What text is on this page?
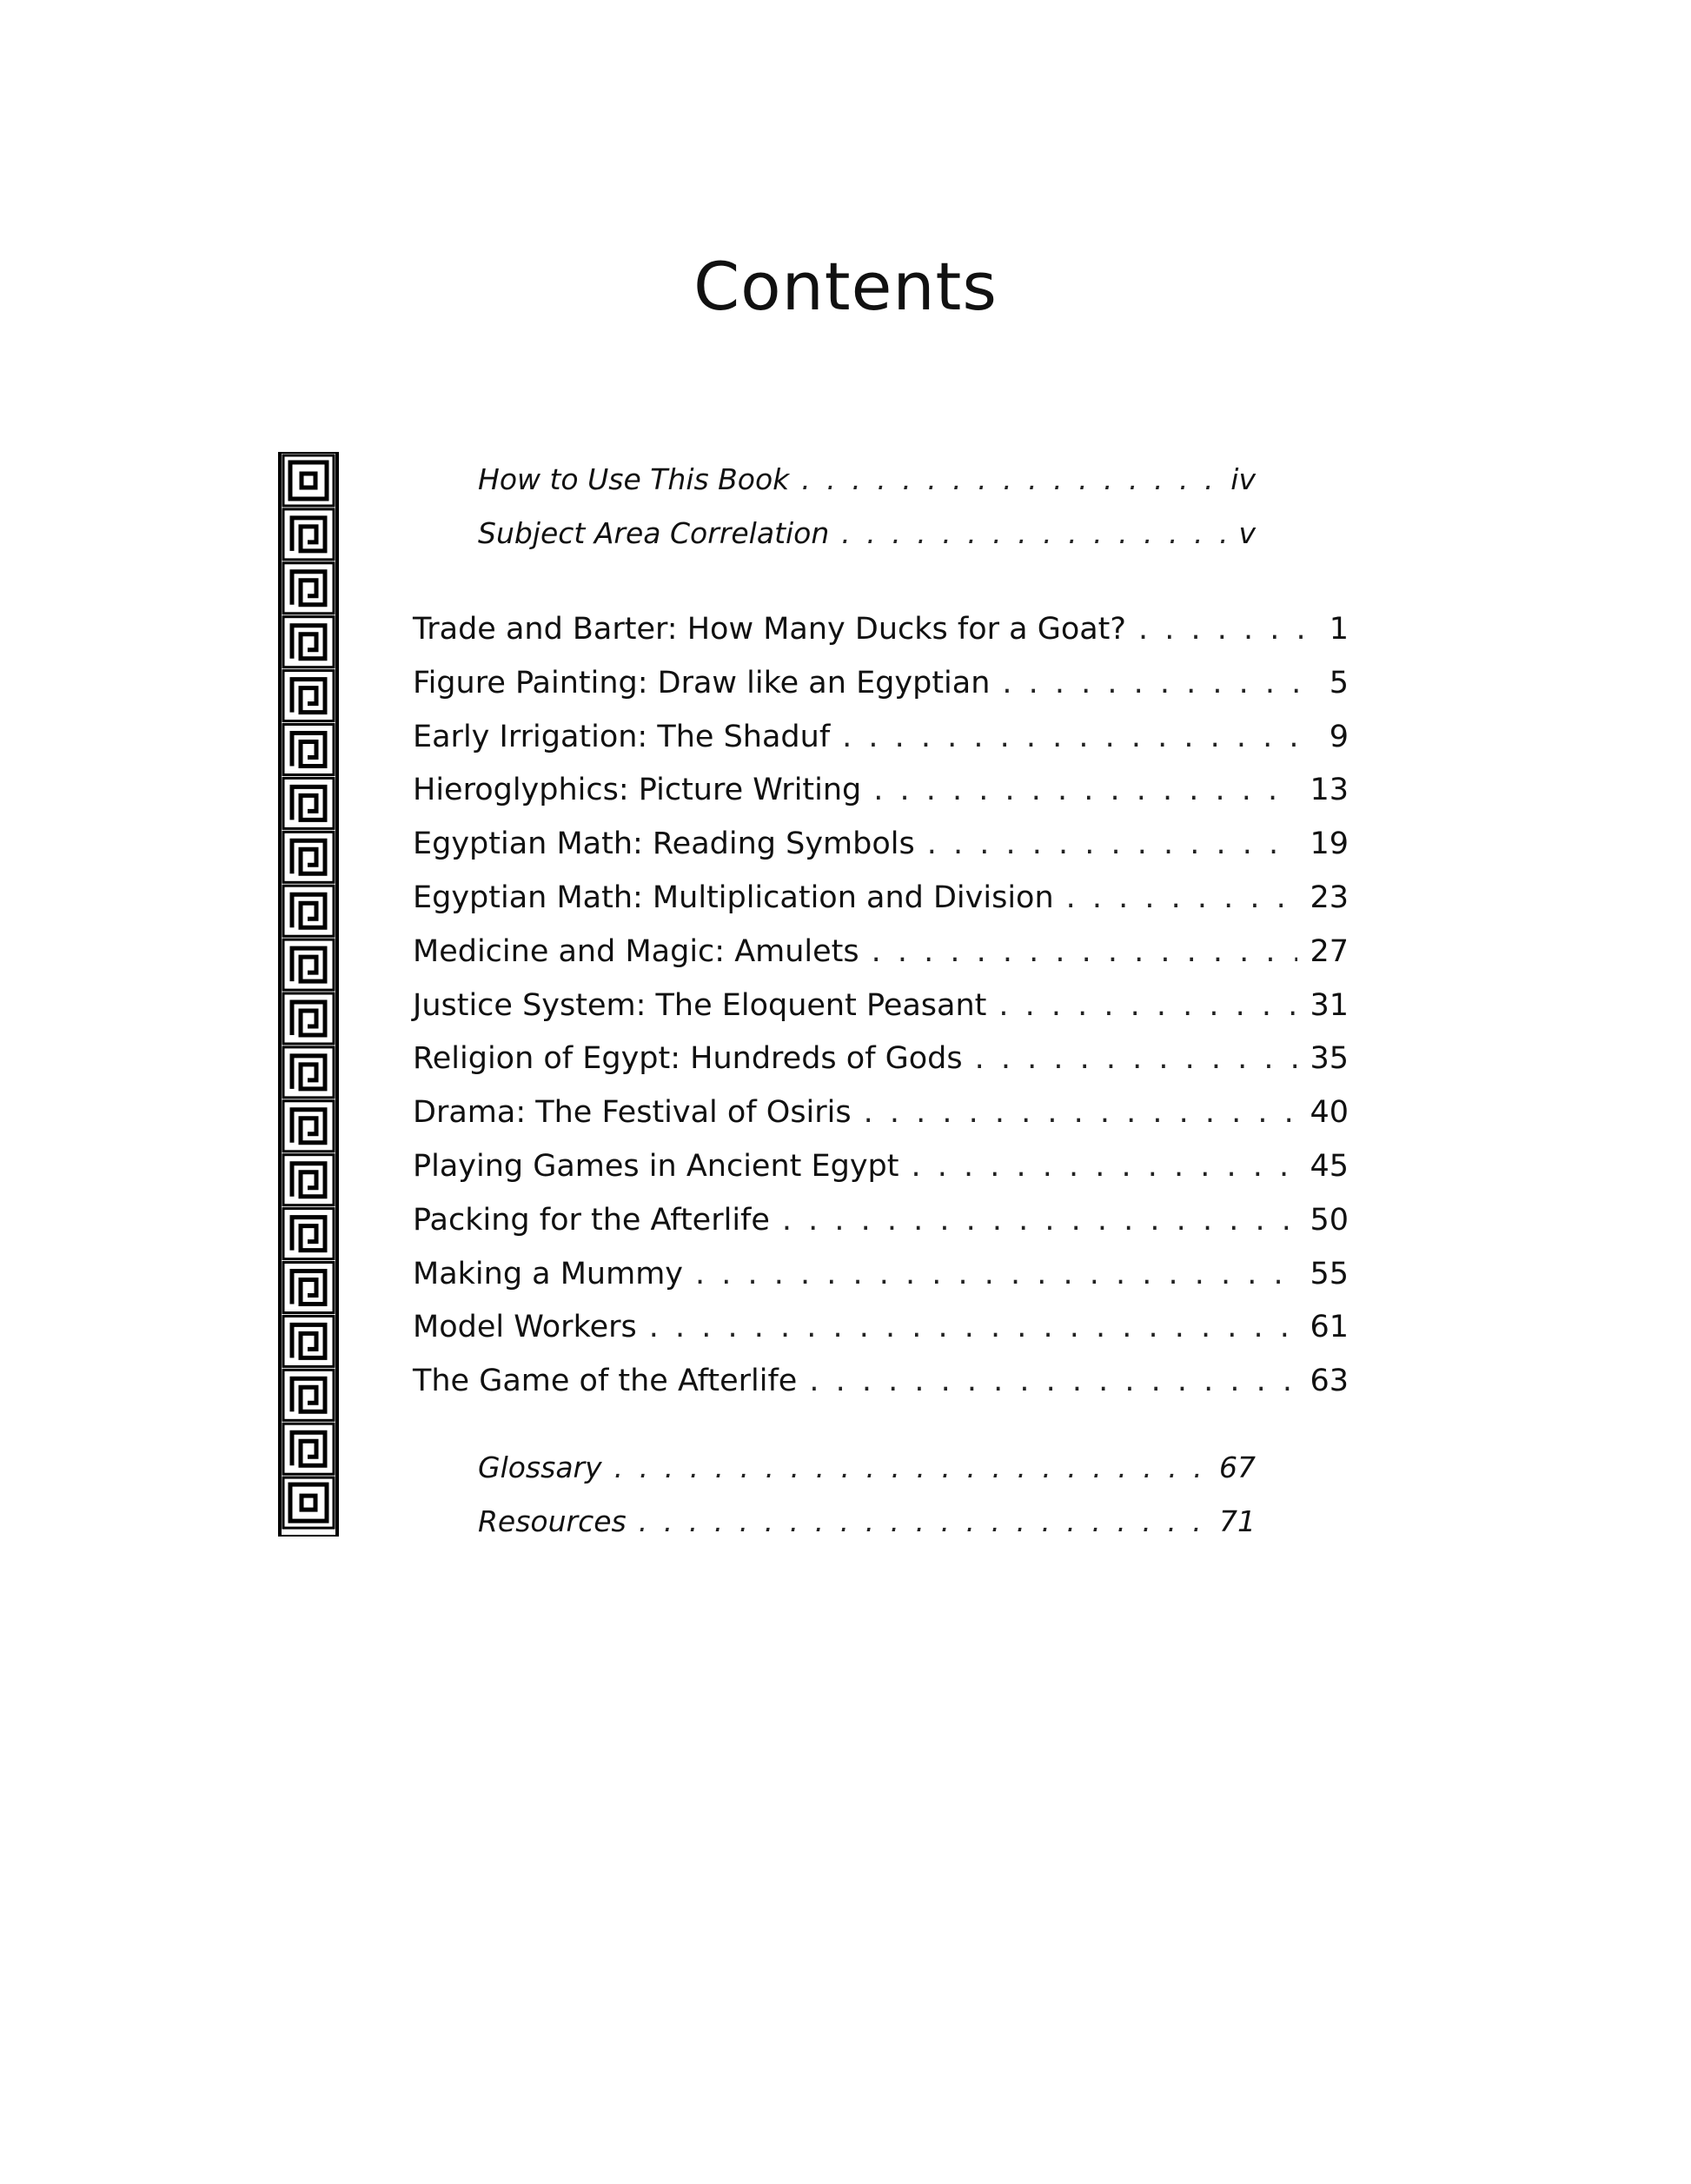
Contents
How to Use This Book . . .	iv
Subject Area Correlation . . .	v
Trade and Barter: How Many Ducks for a Goat? . . .	1
Figure Painting: Draw like an Egyptian . . .	5
Early Irrigation: The Shaduf . . .	9
Hieroglyphics: Picture Writing . . .	13
Egyptian Math: Reading Symbols . . .	19
Egyptian Math: Multiplication and Division . . .	23
Medicine and Magic: Amulets . . .	27
Justice System: The Eloquent Peasant . . .	31
Religion of Egypt: Hundreds of Gods . . .	35
Drama: The Festival of Osiris . . .	40
Playing Games in Ancient Egypt . . .	45
Packing for the Afterlife . . .	50
Making a Mummy . . .	55
Model Workers . . .	61
The Game of the Afterlife . . .	63
Glossary . . .	67
Resources . . .	71
